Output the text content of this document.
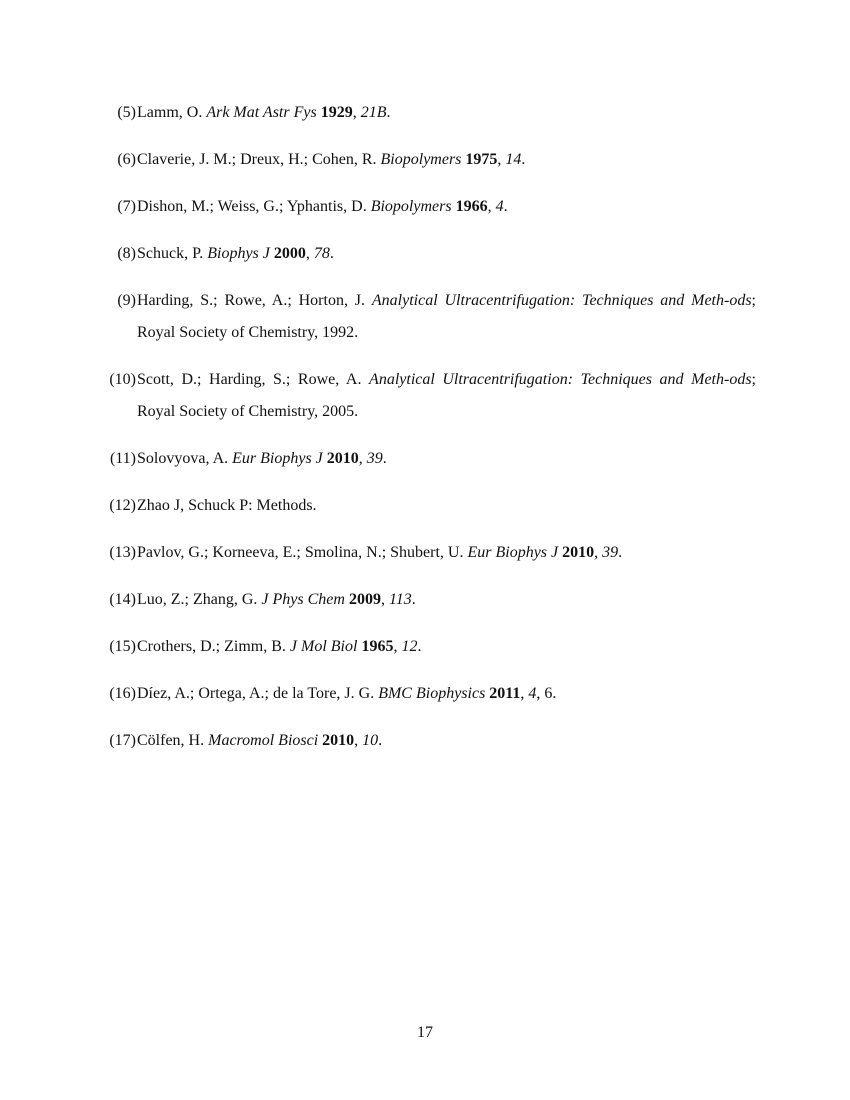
(5) Lamm, O. Ark Mat Astr Fys 1929, 21B.
(6) Claverie, J. M.; Dreux, H.; Cohen, R. Biopolymers 1975, 14.
(7) Dishon, M.; Weiss, G.; Yphantis, D. Biopolymers 1966, 4.
(8) Schuck, P. Biophys J 2000, 78.
(9) Harding, S.; Rowe, A.; Horton, J. Analytical Ultracentrifugation: Techniques and Meth-ods; Royal Society of Chemistry, 1992.
(10) Scott, D.; Harding, S.; Rowe, A. Analytical Ultracentrifugation: Techniques and Meth-ods; Royal Society of Chemistry, 2005.
(11) Solovyova, A. Eur Biophys J 2010, 39.
(12) Zhao J, Schuck P: Methods.
(13) Pavlov, G.; Korneeva, E.; Smolina, N.; Shubert, U. Eur Biophys J 2010, 39.
(14) Luo, Z.; Zhang, G. J Phys Chem 2009, 113.
(15) Crothers, D.; Zimm, B. J Mol Biol 1965, 12.
(16) Díez, A.; Ortega, A.; de la Tore, J. G. BMC Biophysics 2011, 4, 6.
(17) Cölfen, H. Macromol Biosci 2010, 10.
17
